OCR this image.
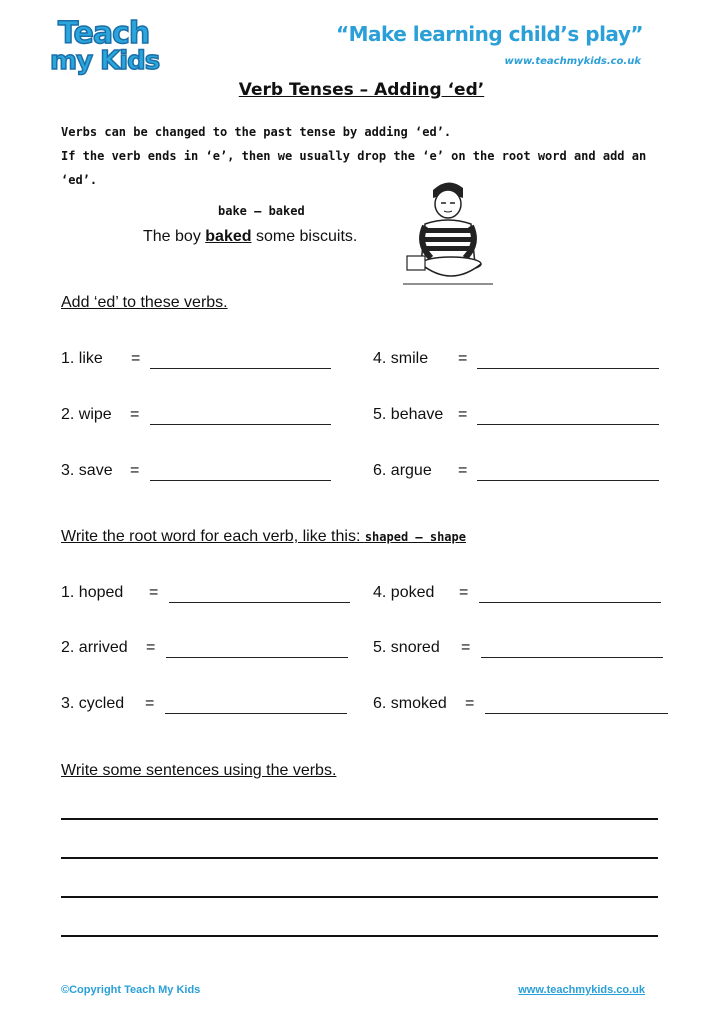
Teach
my Kids
“Make learning child’s play”
www.teachmykids.co.uk
Verb Tenses – Adding ‘ed’
Verbs can be changed to the past tense by adding ‘ed’.
If the verb ends in ‘e’, then we usually drop the ‘e’ on the root word and add an
‘ed’.
bake – baked
The boy baked some biscuits.
Add ‘ed’ to these verbs.
1. like =	4. smile =
2. wipe =	5. behave =
3. save =	6. argue =
Write the root word for each verb, like this: shaped – shape
1. hoped =	4. poked =
2. arrived =	5. snored =
3. cycled =	6. smoked =
Write some sentences using the verbs.
©Copyright Teach My Kids	www.teachmykids.co.uk
